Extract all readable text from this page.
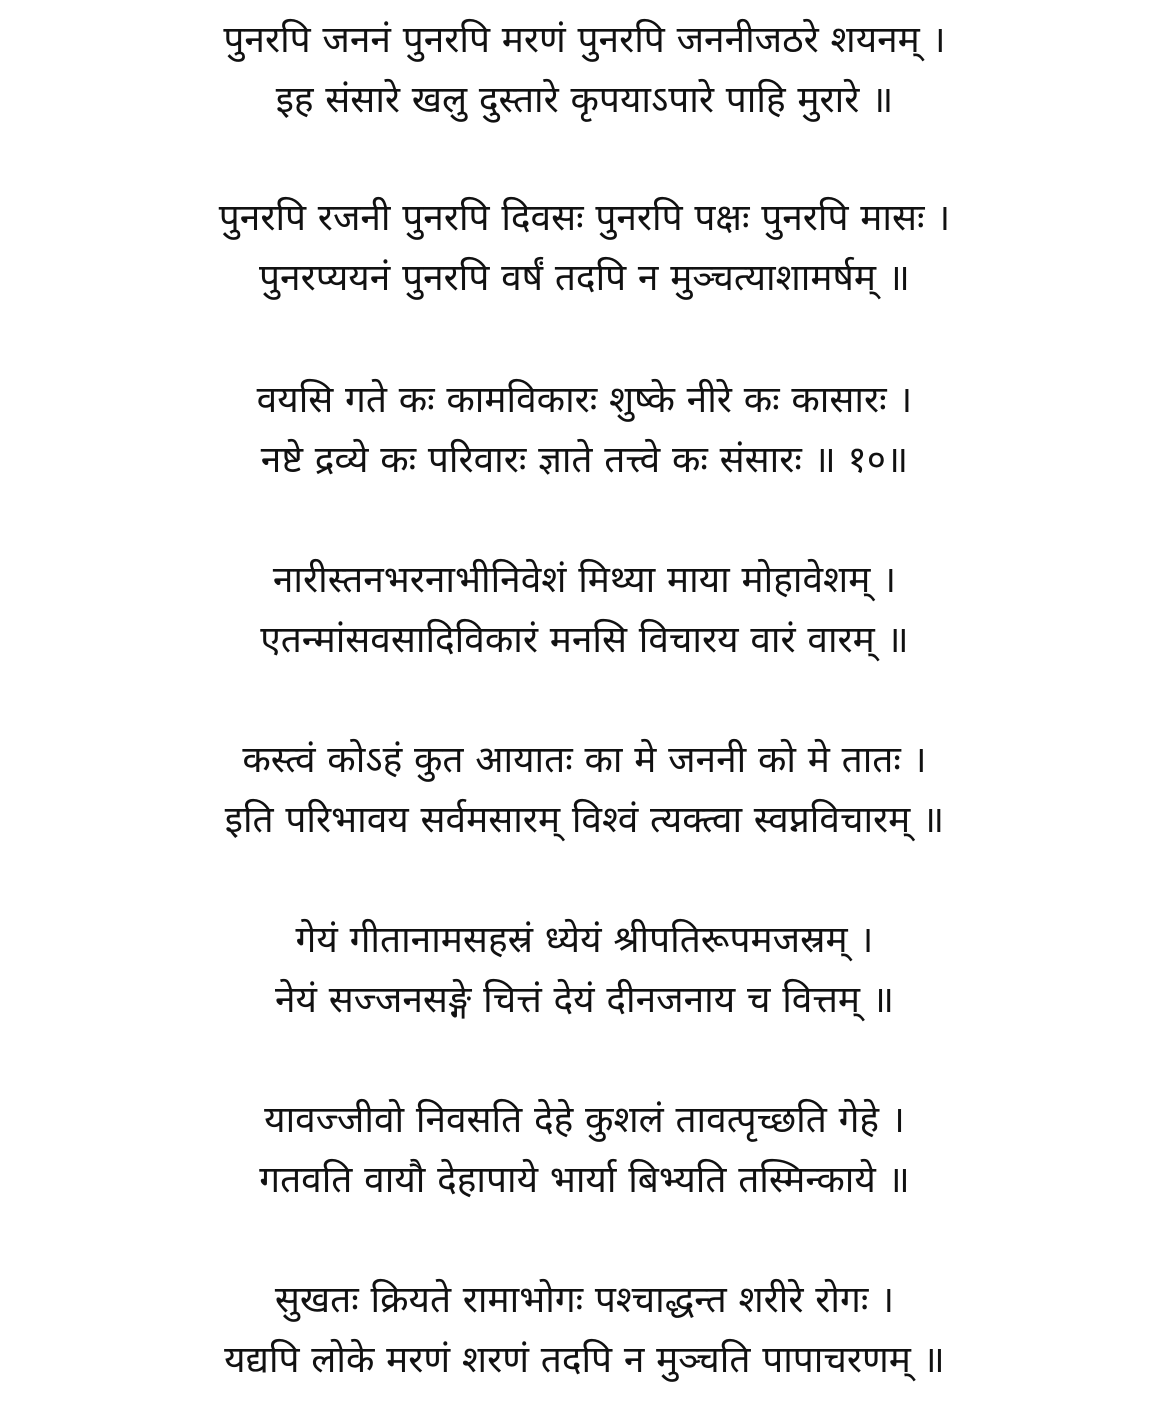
पुनरपि जननं पुनरपि मरणं पुनरपि जननीजठरे शयनम् ।
इह संसारे खलु दुस्तारे कृपयाऽपारे पाहि मुरारे ॥
पुनरपि रजनी पुनरपि दिवसः पुनरपि पक्षः पुनरपि मासः ।
पुनरप्ययनं पुनरपि वर्षं तदपि न मुञ्चत्याशामर्षम् ॥
वयसि गते कः कामविकारः शुष्के नीरे कः कासारः ।
नष्टे द्रव्ये कः परिवारः ज्ञाते तत्त्वे कः संसारः ॥ १०॥
नारीस्तनभरनाभीनिवेशं मिथ्या माया मोहावेशम् ।
एतन्मांसवसादिविकारं मनसि विचारय वारं वारम् ॥
कस्त्वं कोऽहं कुत आयातः का मे जननी को मे तातः ।
इति परिभावय सर्वमसारम् विश्वं त्यक्त्वा स्वप्नविचारम् ॥
गेयं गीतानामसहस्रं ध्येयं श्रीपतिरूपमजस्रम् ।
नेयं सज्जनसङ्गे चित्तं देयं दीनजनाय च वित्तम् ॥
यावज्जीवो निवसति देहे कुशलं तावत्पृच्छति गेहे ।
गतवति वायौ देहापाये भार्या बिभ्यति तस्मिन्काये ॥
सुखतः क्रियते रामाभोगः पश्चाद्धन्त शरीरे रोगः ।
यद्यपि लोके मरणं शरणं तदपि न मुञ्चति पापाचरणम् ॥
